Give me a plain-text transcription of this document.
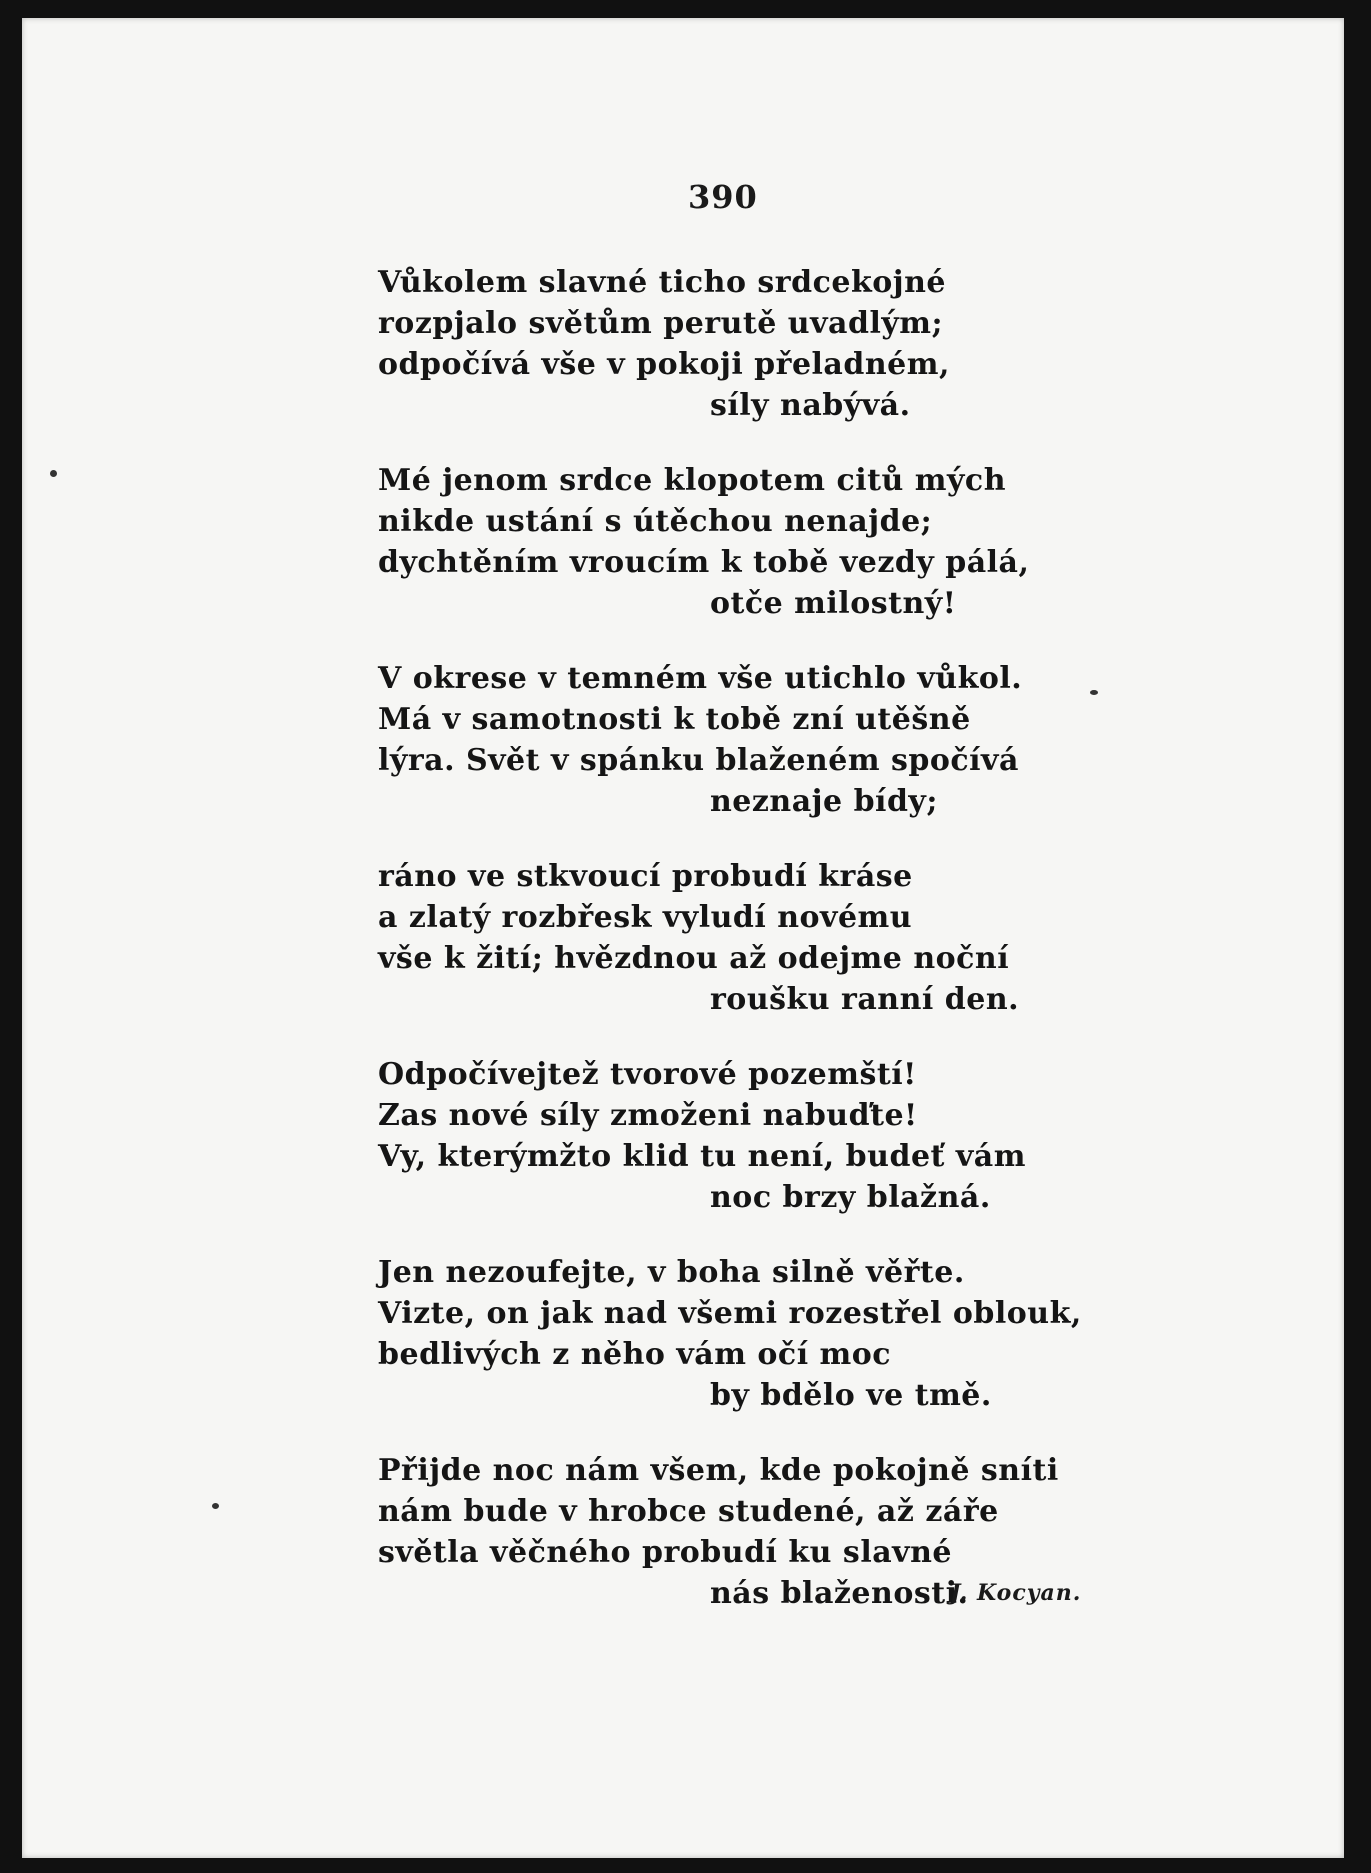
390
Vůkolem slavné ticho srdcekojné
rozpjalo světům perutě uvadlým;
odpočívá vše v pokoji přeladném,
síly nabývá.
Mé jenom srdce klopotem citů mých
nikde ustání s útěchou nenajde;
dychtěním vroucím k tobě vezdy pálá,
otče milostný!
V okrese v temném vše utichlo vůkol.
Má v samotnosti k tobě zní utěšně
lýra. Svět v spánku blaženém spočívá
neznaje bídy;
ráno ve stkvoucí probudí kráse
a zlatý rozbřesk vyludí novému
vše k žití; hvězdnou až odejme noční
roušku ranní den.
Odpočívejtež tvorové pozemští!
Zas nové síly zmoženi nabuďte!
Vy, kterýmžto klid tu není, budeť vám
noc brzy blažná.
Jen nezoufejte, v boha silně věřte.
Vizte, on jak nad všemi rozestřel oblouk,
bedlivých z něho vám očí moc
by bdělo ve tmě.
Přijde noc nám všem, kde pokojně sníti
nám bude v hrobce studené, až záře
světla věčného probudí ku slavné
nás blaženosti.
J. Kocyan.
